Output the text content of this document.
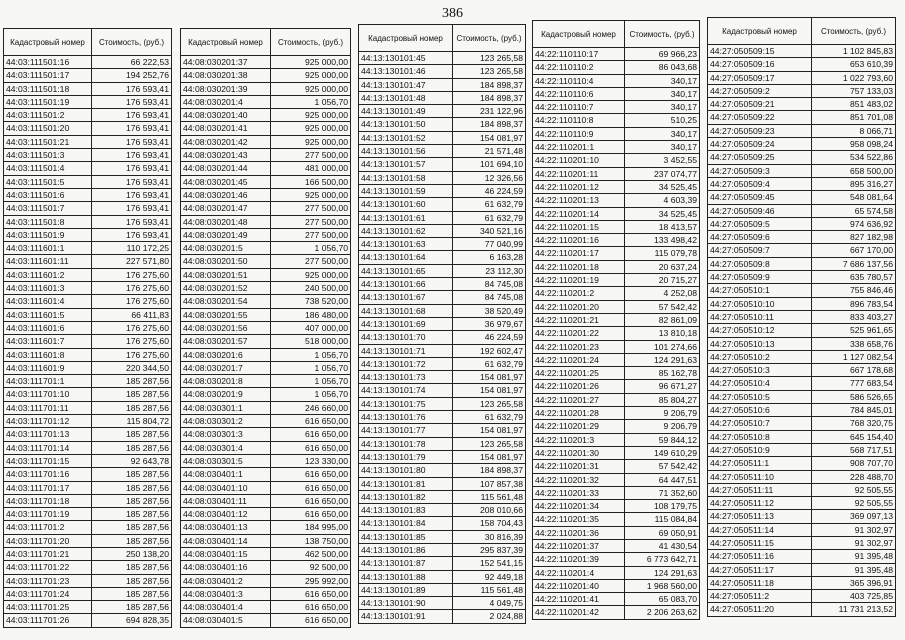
386
Кадастровый номер	Стоимость, (руб.)
44:03:111501:16	66 222,53
44:03:111501:17	194 252,76
44:03:111501:18	176 593,41
44:03:111501:19	176 593,41
44:03:111501:2	176 593,41
44:03:111501:20	176 593,41
44:03:111501:21	176 593,41
44:03:111501:3	176 593,41
44:03:111501:4	176 593,41
44:03:111501:5	176 593,41
44:03:111501:6	176 593,41
44:03:111501:7	176 593,41
44:03:111501:8	176 593,41
44:03:111501:9	176 593,41
44:03:111601:1	110 172,25
44:03:111601:11	227 571,80
44:03:111601:2	176 275,60
44:03:111601:3	176 275,60
44:03:111601:4	176 275,60
44:03:111601:5	66 411,83
44:03:111601:6	176 275,60
44:03:111601:7	176 275,60
44:03:111601:8	176 275,60
44:03:111601:9	220 344,50
44:03:111701:1	185 287,56
44:03:111701:10	185 287,56
44:03:111701:11	185 287,56
44:03:111701:12	115 804,72
44:03:111701:13	185 287,56
44:03:111701:14	185 287,56
44:03:111701:15	92 643,78
44:03:111701:16	185 287,56
44:03:111701:17	185 287,56
44:03:111701:18	185 287,56
44:03:111701:19	185 287,56
44:03:111701:2	185 287,56
44:03:111701:20	185 287,56
44:03:111701:21	250 138,20
44:03:111701:22	185 287,56
44:03:111701:23	185 287,56
44:03:111701:24	185 287,56
44:03:111701:25	185 287,56
44:03:111701:26	694 828,35
Кадастровый номер	Стоимость, (руб.)
44:08:030201:37	925 000,00
44:08:030201:38	925 000,00
44:08:030201:39	925 000,00
44:08:030201:4	1 056,70
44:08:030201:40	925 000,00
44:08:030201:41	925 000,00
44:08:030201:42	925 000,00
44:08:030201:43	277 500,00
44:08:030201:44	481 000,00
44:08:030201:45	166 500,00
44:08:030201:46	925 000,00
44:08:030201:47	277 500,00
44:08:030201:48	277 500,00
44:08:030201:49	277 500,00
44:08:030201:5	1 056,70
44:08:030201:50	277 500,00
44:08:030201:51	925 000,00
44:08:030201:52	240 500,00
44:08:030201:54	738 520,00
44:08:030201:55	186 480,00
44:08:030201:56	407 000,00
44:08:030201:57	518 000,00
44:08:030201:6	1 056,70
44:08:030201:7	1 056,70
44:08:030201:8	1 056,70
44:08:030201:9	1 056,70
44:08:030301:1	246 660,00
44:08:030301:2	616 650,00
44:08:030301:3	616 650,00
44:08:030301:4	616 650,00
44:08:030301:5	123 330,00
44:08:030401:1	616 650,00
44:08:030401:10	616 650,00
44:08:030401:11	616 650,00
44:08:030401:12	616 650,00
44:08:030401:13	184 995,00
44:08:030401:14	138 750,00
44:08:030401:15	462 500,00
44:08:030401:16	92 500,00
44:08:030401:2	295 992,00
44:08:030401:3	616 650,00
44:08:030401:4	616 650,00
44:08:030401:5	616 650,00
Кадастровый номер	Стоимость, (руб.)
44:13:130101:45	123 265,58
44:13:130101:46	123 265,58
44:13:130101:47	184 898,37
44:13:130101:48	184 898,37
44:13:130101:49	231 122,96
44:13:130101:50	184 898,37
44:13:130101:52	154 081,97
44:13:130101:56	21 571,48
44:13:130101:57	101 694,10
44:13:130101:58	12 326,56
44:13:130101:59	46 224,59
44:13:130101:60	61 632,79
44:13:130101:61	61 632,79
44:13:130101:62	340 521,16
44:13:130101:63	77 040,99
44:13:130101:64	6 163,28
44:13:130101:65	23 112,30
44:13:130101:66	84 745,08
44:13:130101:67	84 745,08
44:13:130101:68	38 520,49
44:13:130101:69	36 979,67
44:13:130101:70	46 224,59
44:13:130101:71	192 602,47
44:13:130101:72	61 632,79
44:13:130101:73	154 081,97
44:13:130101:74	154 081,97
44:13:130101:75	123 265,58
44:13:130101:76	61 632,79
44:13:130101:77	154 081,97
44:13:130101:78	123 265,58
44:13:130101:79	154 081,97
44:13:130101:80	184 898,37
44:13:130101:81	107 857,38
44:13:130101:82	115 561,48
44:13:130101:83	208 010,66
44:13:130101:84	158 704,43
44:13:130101:85	30 816,39
44:13:130101:86	295 837,39
44:13:130101:87	152 541,15
44:13:130101:88	92 449,18
44:13:130101:89	115 561,48
44:13:130101:90	4 049,75
44:13:130101:91	2 024,88
Кадастровый номер	Стоимость, (руб.)
44:22:110110:17	69 966,23
44:22:110110:2	86 043,68
44:22:110110:4	340,17
44:22:110110:6	340,17
44:22:110110:7	340,17
44:22:110110:8	510,25
44:22:110110:9	340,17
44:22:110201:1	340,17
44:22:110201:10	3 452,55
44:22:110201:11	237 074,77
44:22:110201:12	34 525,45
44:22:110201:13	4 603,39
44:22:110201:14	34 525,45
44:22:110201:15	18 413,57
44:22:110201:16	133 498,42
44:22:110201:17	115 079,78
44:22:110201:18	20 637,24
44:22:110201:19	20 715,27
44:22:110201:2	4 252,08
44:22:110201:20	57 542,42
44:22:110201:21	82 861,09
44:22:110201:22	13 810,18
44:22:110201:23	101 274,66
44:22:110201:24	124 291,63
44:22:110201:25	85 162,78
44:22:110201:26	96 671,27
44:22:110201:27	85 804,27
44:22:110201:28	9 206,79
44:22:110201:29	9 206,79
44:22:110201:3	59 844,12
44:22:110201:30	149 610,29
44:22:110201:31	57 542,42
44:22:110201:32	64 447,51
44:22:110201:33	71 352,60
44:22:110201:34	108 179,75
44:22:110201:35	115 084,84
44:22:110201:36	69 050,91
44:22:110201:37	41 430,54
44:22:110201:39	6 773 642,71
44:22:110201:4	124 291,63
44:22:110201:40	1 968 560,00
44:22:110201:41	65 083,70
44:22:110201:42	2 206 263,62
Кадастровый номер	Стоимость, (руб.)
44:27:050509:15	1 102 845,83
44:27:050509:16	653 610,39
44:27:050509:17	1 022 793,60
44:27:050509:2	757 133,03
44:27:050509:21	851 483,02
44:27:050509:22	851 701,08
44:27:050509:23	8 066,71
44:27:050509:24	958 098,24
44:27:050509:25	534 522,86
44:27:050509:3	658 500,00
44:27:050509:4	895 316,27
44:27:050509:45	548 081,64
44:27:050509:46	65 574,58
44:27:050509:5	974 636,92
44:27:050509:6	827 182,98
44:27:050509:7	667 170,00
44:27:050509:8	7 686 137,56
44:27:050509:9	635 780,57
44:27:050510:1	755 846,46
44:27:050510:10	896 783,54
44:27:050510:11	833 403,27
44:27:050510:12	525 961,65
44:27:050510:13	338 658,76
44:27:050510:2	1 127 082,54
44:27:050510:3	667 178,68
44:27:050510:4	777 683,54
44:27:050510:5	586 526,65
44:27:050510:6	784 845,01
44:27:050510:7	768 320,75
44:27:050510:8	645 154,40
44:27:050510:9	568 717,51
44:27:050511:1	908 707,70
44:27:050511:10	228 488,70
44:27:050511:11	92 505,55
44:27:050511:12	92 505,55
44:27:050511:13	369 097,13
44:27:050511:14	91 302,97
44:27:050511:15	91 302,97
44:27:050511:16	91 395,48
44:27:050511:17	91 395,48
44:27:050511:18	365 396,91
44:27:050511:2	403 725,85
44:27:050511:20	11 731 213,52
